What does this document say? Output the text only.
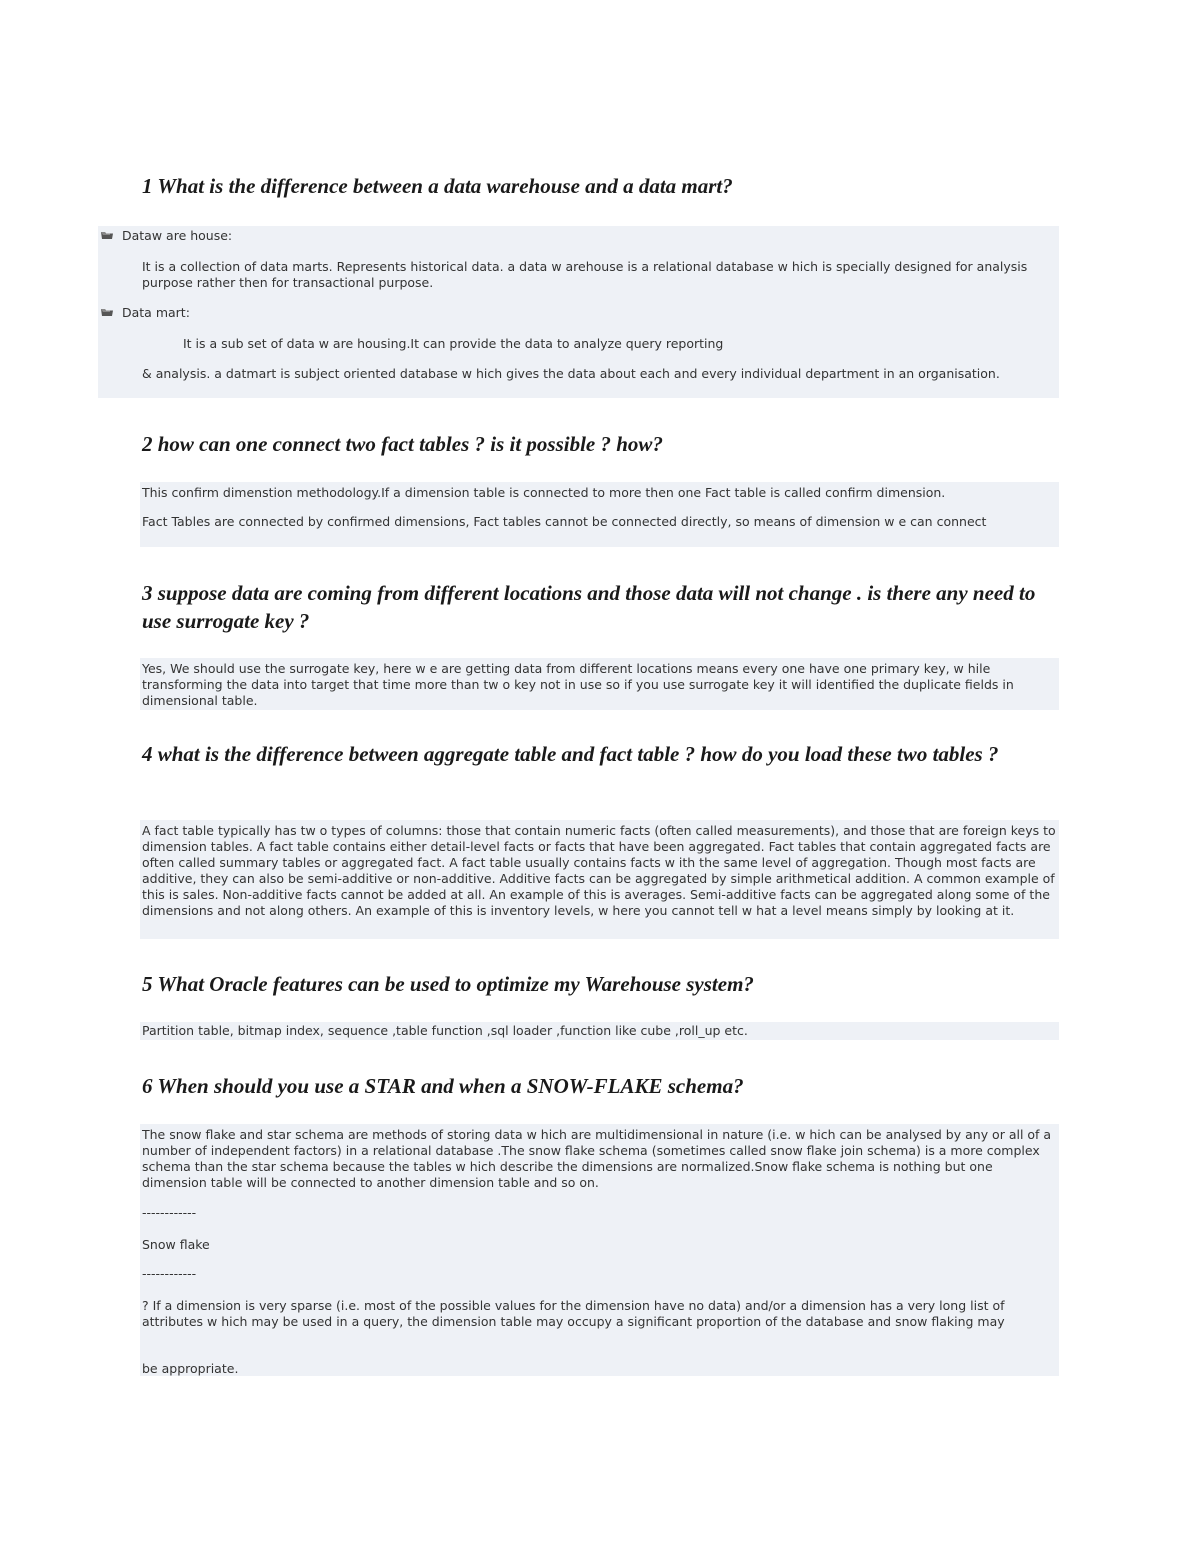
1 What is the difference between a data warehouse and a data mart?

Dataw are house:

It is a collection of data marts. Represents historical data. a data w arehouse is a relational database w hich is specially designed for analysis purpose rather then for transactional purpose.

Data mart:

It is a sub set of data w are housing.It can provide the data to analyze query reporting

& analysis. a datmart is subject oriented database w hich gives the data about each and every individual department in an organisation.

2 how can one connect two fact tables ? is it possible ? how?

This confirm dimenstion methodology.If a dimension table is connected to more then one Fact table is called confirm dimension.

Fact Tables are connected by confirmed dimensions, Fact tables cannot be connected directly, so means of dimension w e can connect

3 suppose data are coming from different locations and those data will not change . is there any need to use surrogate key ?

Yes, We should use the surrogate key, here w e are getting data from different locations means every one have one primary key, w hile transforming the data into target that time more than tw o key not in use so if you use surrogate key it will identified the duplicate fields in dimensional table.

4 what is the difference between aggregate table and fact table ? how do you load these two tables ?

A fact table typically has tw o types of columns: those that contain numeric facts (often called measurements), and those that are foreign keys to dimension tables. A fact table contains either detail-level facts or facts that have been aggregated. Fact tables that contain aggregated facts are often called summary tables or aggregated fact. A fact table usually contains facts w ith the same level of aggregation. Though most facts are additive, they can also be semi-additive or non-additive. Additive facts can be aggregated by simple arithmetical addition. A common example of this is sales. Non-additive facts cannot be added at all. An example of this is averages. Semi-additive facts can be aggregated along some of the dimensions and not along others. An example of this is inventory levels, w here you cannot tell w hat a level means simply by looking at it.

5 What Oracle features can be used to optimize my Warehouse system?

Partition table, bitmap index, sequence ,table function ,sql loader ,function like cube ,roll_up etc.

6 When should you use a STAR and when a SNOW-FLAKE schema?

The snow flake and star schema are methods of storing data w hich are multidimensional in nature (i.e. w hich can be analysed by any or all of a number of independent factors) in a relational database .The snow flake schema (sometimes called snow flake join schema) is a more complex schema than the star schema because the tables w hich describe the dimensions are normalized.Snow flake schema is nothing but one dimension table will be connected to another dimension table and so on.

------------

Snow flake

------------

? If a dimension is very sparse (i.e. most of the possible values for the dimension have no data) and/or a dimension has a very long list of attributes w hich may be used in a query, the dimension table may occupy a significant proportion of the database and snow flaking may

be appropriate.
